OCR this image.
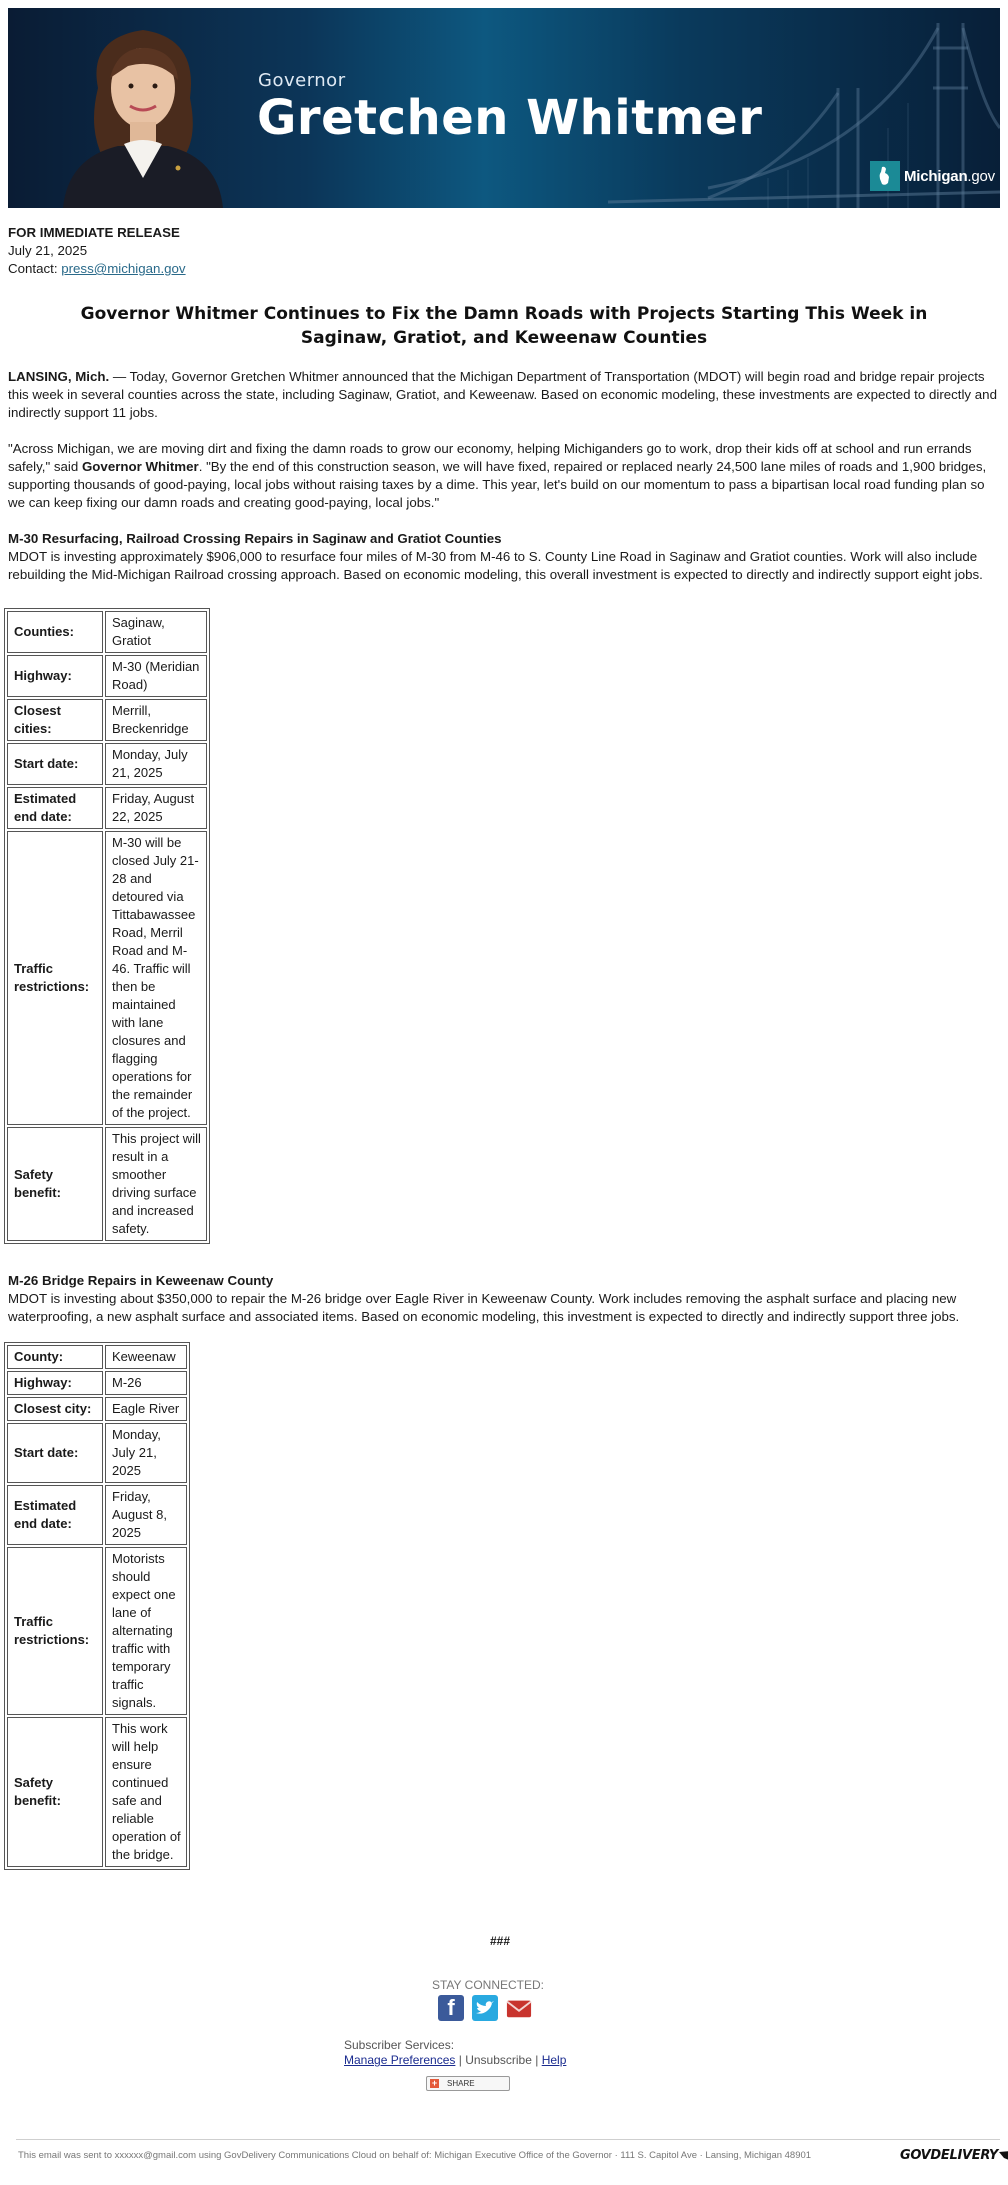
Governor
Gretchen Whitmer
Michigan.gov

FOR IMMEDIATE RELEASE

July 21, 2025

Contact: press@michigan.gov

Governor Whitmer Continues to Fix the Damn Roads with Projects Starting This Week in Saginaw, Gratiot, and Keweenaw Counties

LANSING, Mich. — Today, Governor Gretchen Whitmer announced that the Michigan Department of Transportation (MDOT) will begin road and bridge repair projects this week in several counties across the state, including Saginaw, Gratiot, and Keweenaw. Based on economic modeling, these investments are expected to directly and indirectly support 11 jobs.

"Across Michigan, we are moving dirt and fixing the damn roads to grow our economy, helping Michiganders go to work, drop their kids off at school and run errands safely," said Governor Whitmer. "By the end of this construction season, we will have fixed, repaired or replaced nearly 24,500 lane miles of roads and 1,900 bridges, supporting thousands of good-paying, local jobs without raising taxes by a dime. This year, let's build on our momentum to pass a bipartisan local road funding plan so we can keep fixing our damn roads and creating good-paying, local jobs."

M-30 Resurfacing, Railroad Crossing Repairs in Saginaw and Gratiot Counties

MDOT is investing approximately $906,000 to resurface four miles of M-30 from M-46 to S. County Line Road in Saginaw and Gratiot counties. Work will also include rebuilding the Mid-Michigan Railroad crossing approach. Based on economic modeling, this overall investment is expected to directly and indirectly support eight jobs.

Counties:	Saginaw, Gratiot
Highway:	M-30 (Meridian Road)
Closest cities:	Merrill, Breckenridge
Start date:	Monday, July 21, 2025
Estimated end date:	Friday, August 22, 2025
Traffic restrictions:	M-30 will be closed July 21-28 and detoured via Tittabawassee Road, Merril Road and M-46. Traffic will then be maintained with lane closures and flagging operations for the remainder of the project.
Safety benefit:	This project will result in a smoother driving surface and increased safety.

M-26 Bridge Repairs in Keweenaw County

MDOT is investing about $350,000 to repair the M-26 bridge over Eagle River in Keweenaw County. Work includes removing the asphalt surface and placing new waterproofing, a new asphalt surface and associated items. Based on economic modeling, this investment is expected to directly and indirectly support three jobs.

County:	Keweenaw
Highway:	M-26
Closest city:	Eagle River
Start date:	Monday, July 21, 2025
Estimated end date:	Friday, August 8, 2025
Traffic restrictions:	Motorists should expect one lane of alternating traffic with temporary traffic signals.
Safety benefit:	This work will help ensure continued safe and reliable operation of the bridge.
###
STAY CONNECTED:
f
Subscriber Services:
Manage Preferences | Unsubscribe | Help
+ SHARE
This email was sent to xxxxxx@gmail.com using GovDelivery Communications Cloud on behalf of: Michigan Executive Office of the Governor · 111 S. Capitol Ave · Lansing, Michigan 48901	GOVDELIVERY
